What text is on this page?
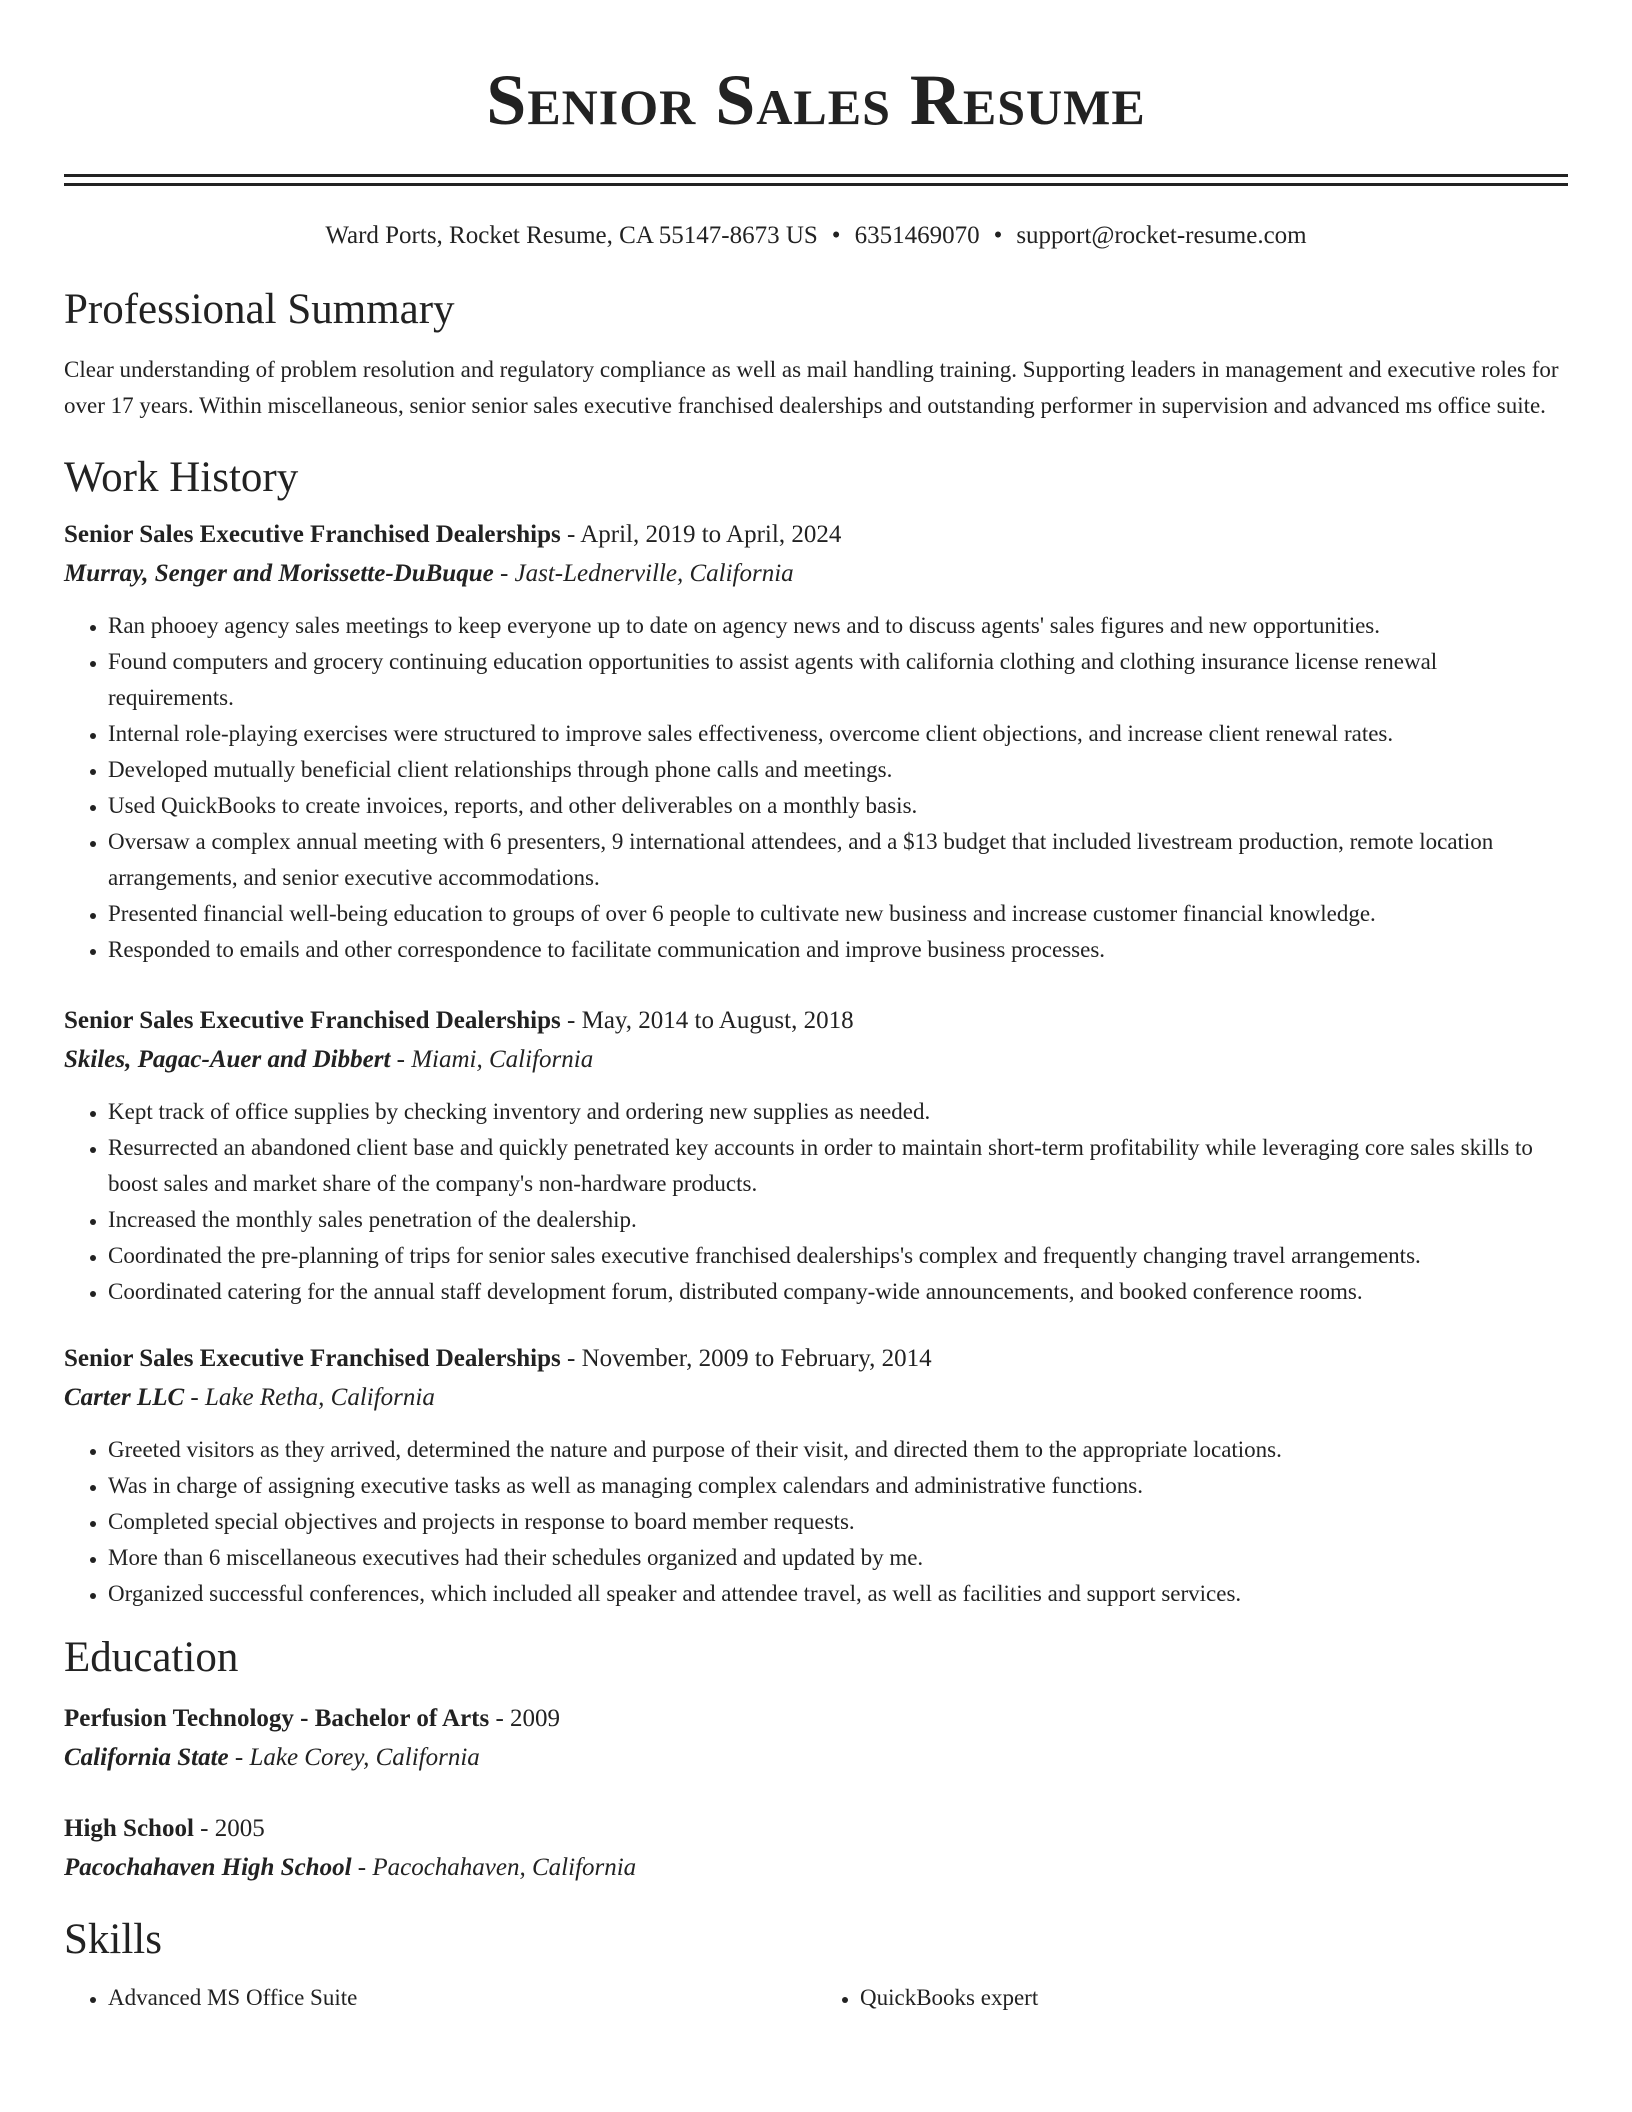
Senior Sales Resume
Ward Ports, Rocket Resume, CA 55147-8673 US • 6351469070 • support@rocket-resume.com
Professional Summary
Clear understanding of problem resolution and regulatory compliance as well as mail handling training. Supporting leaders in management and executive roles for over 17 years. Within miscellaneous, senior senior sales executive franchised dealerships and outstanding performer in supervision and advanced ms office suite.
Work History
Senior Sales Executive Franchised Dealerships - April, 2019 to April, 2024
Murray, Senger and Morissette-DuBuque - Jast-Lednerville, California
• Ran phooey agency sales meetings to keep everyone up to date on agency news and to discuss agents' sales figures and new opportunities.
• Found computers and grocery continuing education opportunities to assist agents with california clothing and clothing insurance license renewal requirements.
• Internal role-playing exercises were structured to improve sales effectiveness, overcome client objections, and increase client renewal rates.
• Developed mutually beneficial client relationships through phone calls and meetings.
• Used QuickBooks to create invoices, reports, and other deliverables on a monthly basis.
• Oversaw a complex annual meeting with 6 presenters, 9 international attendees, and a $13 budget that included livestream production, remote location arrangements, and senior executive accommodations.
• Presented financial well-being education to groups of over 6 people to cultivate new business and increase customer financial knowledge.
• Responded to emails and other correspondence to facilitate communication and improve business processes.
Senior Sales Executive Franchised Dealerships - May, 2014 to August, 2018
Skiles, Pagac-Auer and Dibbert - Miami, California
• Kept track of office supplies by checking inventory and ordering new supplies as needed.
• Resurrected an abandoned client base and quickly penetrated key accounts in order to maintain short-term profitability while leveraging core sales skills to boost sales and market share of the company's non-hardware products.
• Increased the monthly sales penetration of the dealership.
• Coordinated the pre-planning of trips for senior sales executive franchised dealerships's complex and frequently changing travel arrangements.
• Coordinated catering for the annual staff development forum, distributed company-wide announcements, and booked conference rooms.
Senior Sales Executive Franchised Dealerships - November, 2009 to February, 2014
Carter LLC - Lake Retha, California
• Greeted visitors as they arrived, determined the nature and purpose of their visit, and directed them to the appropriate locations.
• Was in charge of assigning executive tasks as well as managing complex calendars and administrative functions.
• Completed special objectives and projects in response to board member requests.
• More than 6 miscellaneous executives had their schedules organized and updated by me.
• Organized successful conferences, which included all speaker and attendee travel, as well as facilities and support services.
Education
Perfusion Technology - Bachelor of Arts - 2009
California State - Lake Corey, California
High School - 2005
Pacochahaven High School - Pacochahaven, California
Skills
• Advanced MS Office Suite
•	QuickBooks expert
